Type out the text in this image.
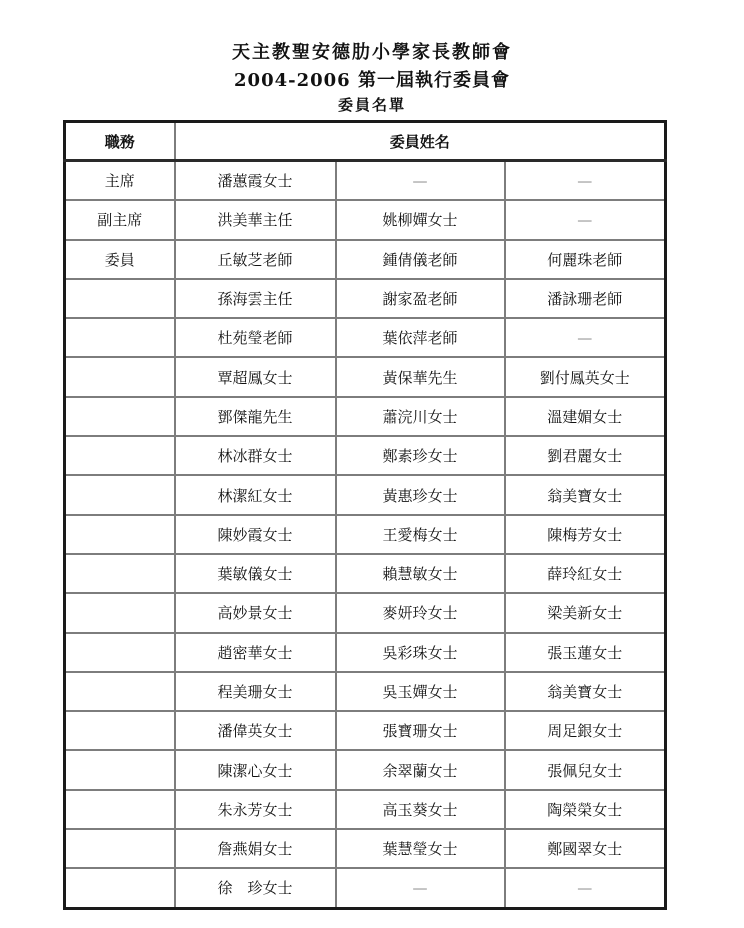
天主教聖安德肋小學家長教師會
2004-2006 第一屆執行委員會
委員名單
職務	委員姓名		
主席	潘蕙霞女士	—	—
副主席	洪美華主任	姚柳嬋女士	—
委員	丘敏芝老師	鍾倩儀老師	何麗珠老師
	孫海雲主任	謝家盈老師	潘詠珊老師
	杜苑瑩老師	葉依萍老師	—
	覃超鳳女士	黃保華先生	劉付鳳英女士
	鄧傑龍先生	蕭浣川女士	溫建媚女士
	林冰群女士	鄭素珍女士	劉君麗女士
	林潔紅女士	黃惠珍女士	翁美寶女士
	陳妙霞女士	王愛梅女士	陳梅芳女士
	葉敏儀女士	賴慧敏女士	薛玲紅女士
	高妙景女士	麥妍玲女士	梁美新女士
	趙密華女士	吳彩珠女士	張玉蓮女士
	程美珊女士	吳玉嬋女士	翁美寶女士
	潘偉英女士	張寶珊女士	周足銀女士
	陳潔心女士	余翠蘭女士	張佩兒女士
	朱永芳女士	高玉葵女士	陶榮榮女士
	詹燕娟女士	葉慧瑩女士	鄭國翠女士
	徐　珍女士	—	—
